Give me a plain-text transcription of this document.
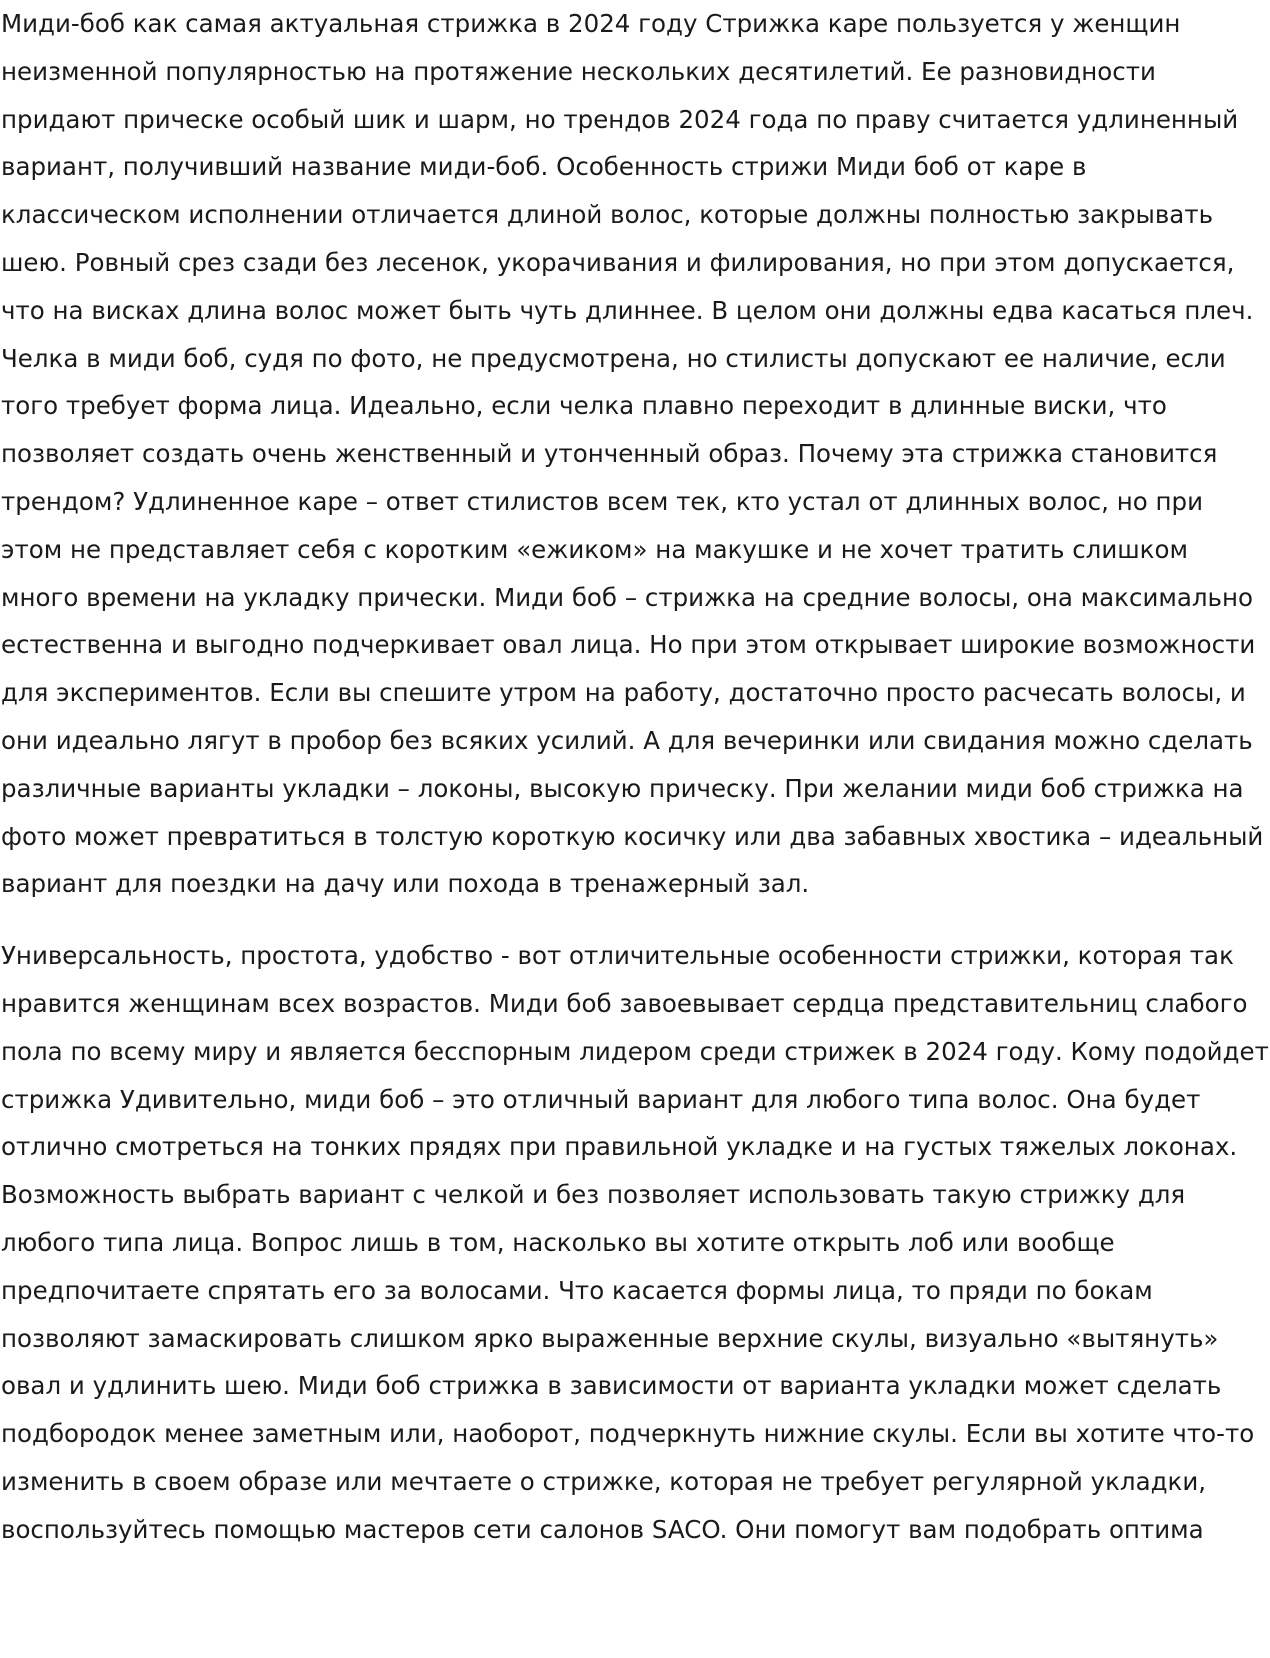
Миди-боб как самая актуальная стрижка в 2024 году Стрижка каре пользуется у женщин неизменной популярностью на протяжение нескольких десятилетий. Ее разновидности придают прическе особый шик и шарм, но трендов 2024 года по праву считается удлиненный вариант, получивший название миди-боб. Особенность стрижи Миди боб от каре в классическом исполнении отличается длиной волос, которые должны полностью закрывать шею. Ровный срез сзади без лесенок, укорачивания и филирования, но при этом допускается, что на висках длина волос может быть чуть длиннее. В целом они должны едва касаться плеч. Челка в миди боб, судя по фото, не предусмотрена, но стилисты допускают ее наличие, если того требует форма лица. Идеально, если челка плавно переходит в длинные виски, что позволяет создать очень женственный и утонченный образ. Почему эта стрижка становится трендом? Удлиненное каре – ответ стилистов всем тек, кто устал от длинных волос, но при этом не представляет себя с коротким «ежиком» на макушке и не хочет тратить слишком много времени на укладку прически. Миди боб – стрижка на средние волосы, она максимально естественна и выгодно подчеркивает овал лица. Но при этом открывает широкие возможности для экспериментов. Если вы спешите утром на работу, достаточно просто расчесать волосы, и они идеально лягут в пробор без всяких усилий. А для вечеринки или свидания можно сделать различные варианты укладки – локоны, высокую прическу. При желании миди боб стрижка на фото может превратиться в толстую короткую косичку или два забавных хвостика – идеальный вариант для поездки на дачу или похода в тренажерный зал.

Универсальность, простота, удобство - вот отличительные особенности стрижки, которая так нравится женщинам всех возрастов. Миди боб завоевывает сердца представительниц слабого пола по всему миру и является бесспорным лидером среди стрижек в 2024 году. Кому подойдет стрижка Удивительно, миди боб – это отличный вариант для любого типа волос. Она будет отлично смотреться на тонких прядях при правильной укладке и на густых тяжелых локонах. Возможность выбрать вариант с челкой и без позволяет использовать такую стрижку для любого типа лица. Вопрос лишь в том, насколько вы хотите открыть лоб или вообще предпочитаете спрятать его за волосами. Что касается формы лица, то пряди по бокам позволяют замаскировать слишком ярко выраженные верхние скулы, визуально «вытянуть» овал и удлинить шею. Миди боб стрижка в зависимости от варианта укладки может сделать подбородок менее заметным или, наоборот, подчеркнуть нижние скулы. Если вы хотите что-то изменить в своем образе или мечтаете о стрижке, которая не требует регулярной укладки, воспользуйтесь помощью мастеров сети салонов SACO. Они помогут вам подобрать оптима
